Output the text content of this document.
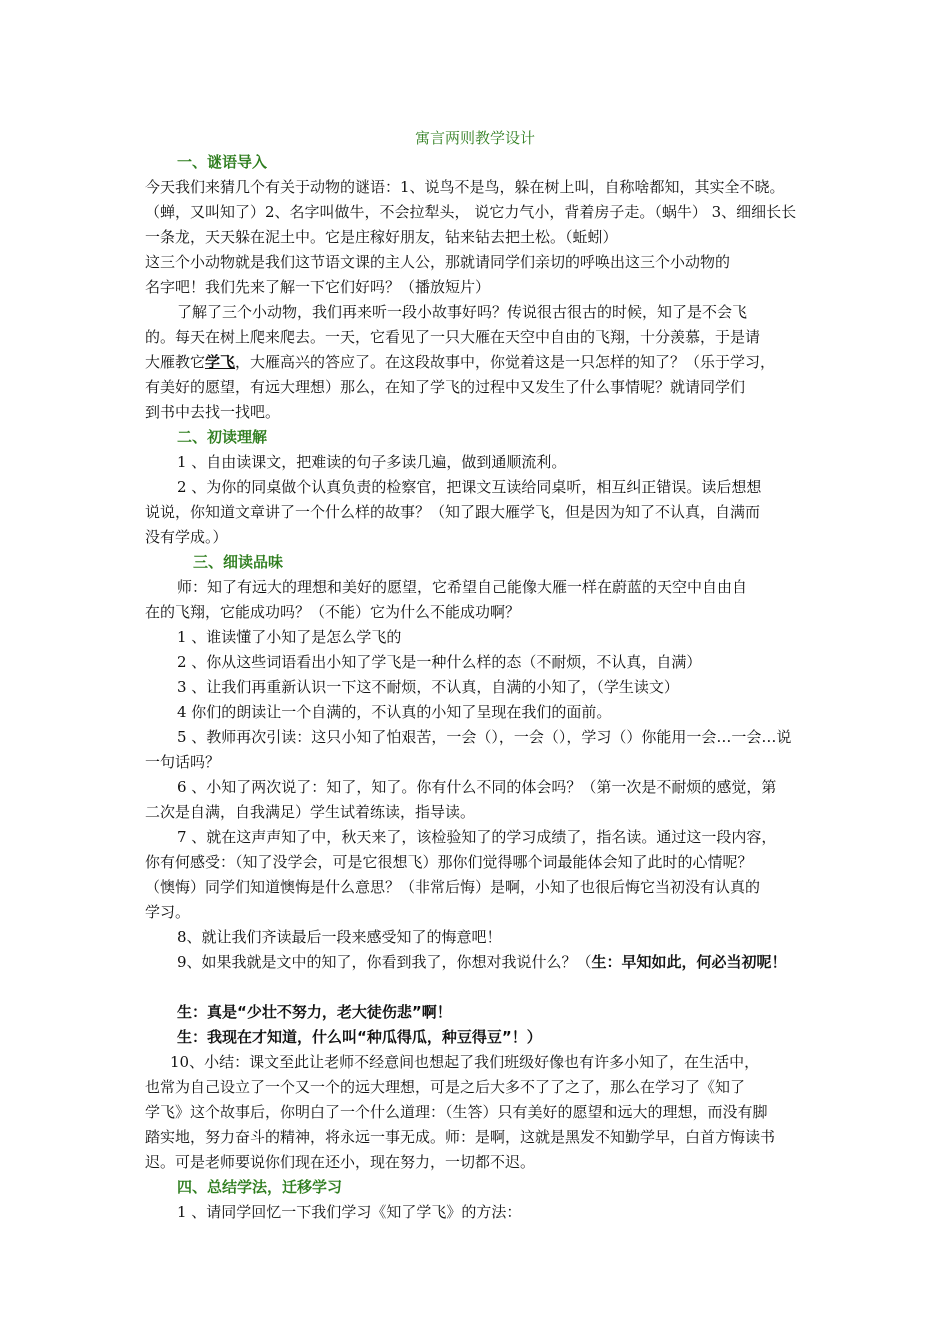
寓言两则教学设计
一、谜语导入
今天我们来猜几个有关于动物的谜语：1、说鸟不是鸟，躲在树上叫，自称啥都知，其实全不晓。
（蝉，又叫知了）2、名字叫做牛，不会拉犁头， 说它力气小，背着房子走。（蜗牛） 3、细细长长
一条龙，天天躲在泥土中。它是庄稼好朋友，钻来钻去把土松。（蚯蚓）
这三个小动物就是我们这节语文课的主人公，那就请同学们亲切的呼唤出这三个小动物的
名字吧！我们先来了解一下它们好吗？（播放短片）
了解了三个小动物，我们再来听一段小故事好吗？传说很古很古的时候，知了是不会飞
的。每天在树上爬来爬去。一天，它看见了一只大雁在天空中自由的飞翔，十分羡慕，于是请
大雁教它学飞，大雁高兴的答应了。在这段故事中，你觉着这是一只怎样的知了？（乐于学习，
有美好的愿望，有远大理想）那么，在知了学飞的过程中又发生了什么事情呢？就请同学们
到书中去找一找吧。
二、初读理解
1 、自由读课文，把难读的句子多读几遍，做到通顺流利。
2 、为你的同桌做个认真负责的检察官，把课文互读给同桌听，相互纠正错误。读后想想
说说，你知道文章讲了一个什么样的故事？（知了跟大雁学飞，但是因为知了不认真，自满而
没有学成。）
三、细读品味
师：知了有远大的理想和美好的愿望，它希望自己能像大雁一样在蔚蓝的天空中自由自
在的飞翔，它能成功吗？（不能）它为什么不能成功啊？
1 、谁读懂了小知了是怎么学飞的
2 、你从这些词语看出小知了学飞是一种什么样的态（不耐烦，不认真，自满）
3 、让我们再重新认识一下这不耐烦，不认真，自满的小知了，（学生读文）
4 你们的朗读让一个自满的，不认真的小知了呈现在我们的面前。
5 、教师再次引读：这只小知了怕艰苦，一会（），一会（），学习（）你能用一会…一会…说
一句话吗？
6 、小知了两次说了：知了，知了。你有什么不同的体会吗？（第一次是不耐烦的感觉，第
二次是自满，自我满足）学生试着练读，指导读。
7 、就在这声声知了中，秋天来了，该检验知了的学习成绩了，指名读。通过这一段内容，
你有何感受：（知了没学会，可是它很想飞）那你们觉得哪个词最能体会知了此时的心情呢？
（懊悔）同学们知道懊悔是什么意思？（非常后悔）是啊，小知了也很后悔它当初没有认真的
学习。
8、就让我们齐读最后一段来感受知了的悔意吧！
9、如果我就是文中的知了，你看到我了，你想对我说什么？（生：早知如此，何必当初呢！
生：真是“少壮不努力，老大徒伤悲”啊！
生：我现在才知道，什么叫“种瓜得瓜，种豆得豆”！）
10、小结：课文至此让老师不经意间也想起了我们班级好像也有许多小知了，在生活中，
也常为自己设立了一个又一个的远大理想，可是之后大多不了了之了，那么在学习了《知了
学飞》这个故事后，你明白了一个什么道理：（生答）只有美好的愿望和远大的理想，而没有脚
踏实地，努力奋斗的精神，将永远一事无成。师：是啊，这就是黑发不知勤学早，白首方悔读书
迟。可是老师要说你们现在还小，现在努力，一切都不迟。
四、总结学法，迁移学习
1 、请同学回忆一下我们学习《知了学飞》的方法：
